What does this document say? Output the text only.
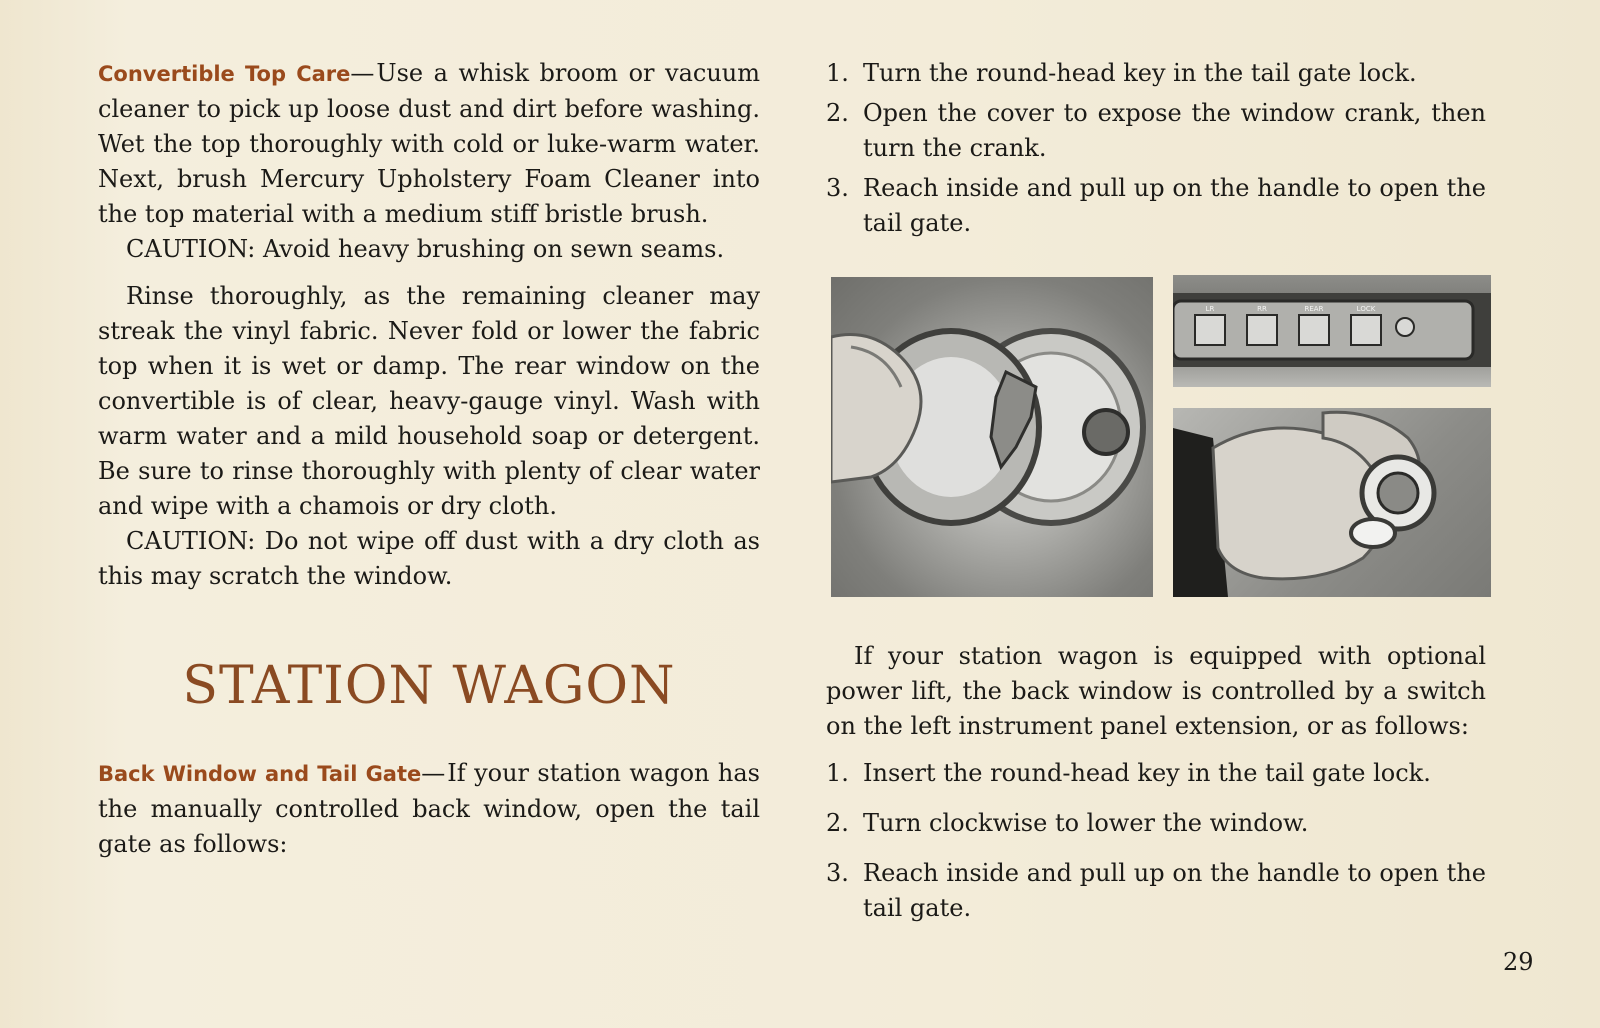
Convertible Top Care—Use a whisk broom or vacuum cleaner to pick up loose dust and dirt before washing. Wet the top thoroughly with cold or luke-warm water. Next, brush Mercury Upholstery Foam Cleaner into the top material with a medium stiff bristle brush.

CAUTION: Avoid heavy brushing on sewn seams.

Rinse thoroughly, as the remaining cleaner may streak the vinyl fabric. Never fold or lower the fabric top when it is wet or damp. The rear window on the convertible is of clear, heavy-gauge vinyl. Wash with warm water and a mild household soap or detergent. Be sure to rinse thoroughly with plenty of clear water and wipe with a chamois or dry cloth.

CAUTION: Do not wipe off dust with a dry cloth as this may scratch the window.

STATION WAGON

Back Window and Tail Gate—If your station wagon has the manually controlled back window, open the tail gate as follows:

1. Turn the round-head key in the tail gate lock.
2. Open the cover to expose the window crank, then turn the crank.
3. Reach inside and pull up on the handle to open the tail gate.
LR	RR	REAR	LOCK

If your station wagon is equipped with optional power lift, the back window is controlled by a switch on the left instrument panel extension, or as follows:

1. Insert the round-head key in the tail gate lock.
2. Turn clockwise to lower the window.
3. Reach inside and pull up on the handle to open the tail gate.
29
